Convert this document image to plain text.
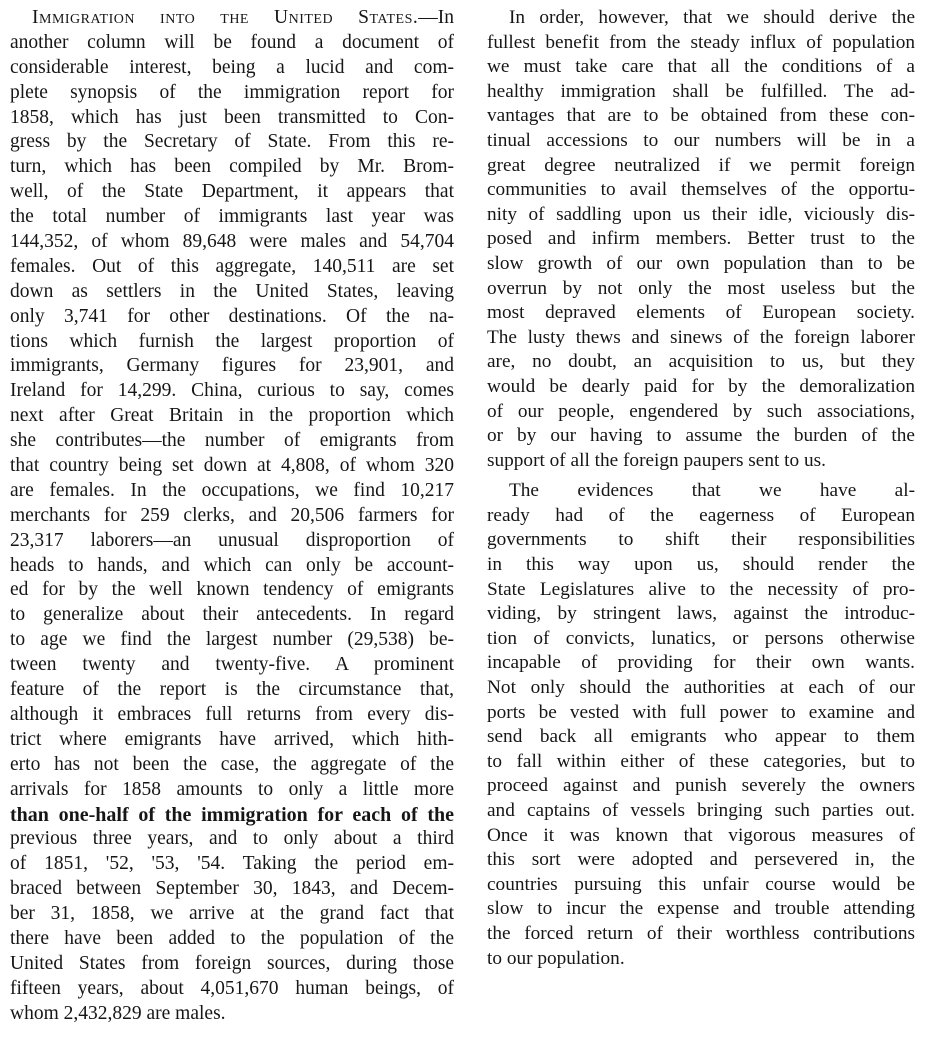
Immigration into the United States.—In
another column will be found a document of
considerable interest, being a lucid and com-
plete synopsis of the immigration report for
1858, which has just been transmitted to Con-
gress by the Secretary of State. From this re-
turn, which has been compiled by Mr. Brom-
well, of the State Department, it appears that
the total number of immigrants last year was
144,352, of whom 89,648 were males and 54,704
females. Out of this aggregate, 140,511 are set
down as settlers in the United States, leaving
only 3,741 for other destinations. Of the na-
tions which furnish the largest proportion of
immigrants, Germany figures for 23,901, and
Ireland for 14,299. China, curious to say, comes
next after Great Britain in the proportion which
she contributes—the number of emigrants from
that country being set down at 4,808, of whom 320
are females. In the occupations, we find 10,217
merchants for 259 clerks, and 20,506 farmers for
23,317 laborers—an unusual disproportion of
heads to hands, and which can only be account-
ed for by the well known tendency of emigrants
to generalize about their antecedents. In regard
to age we find the largest number (29,538) be-
tween twenty and twenty-five. A prominent
feature of the report is the circumstance that,
although it embraces full returns from every dis-
trict where emigrants have arrived, which hith-
erto has not been the case, the aggregate of the
arrivals for 1858 amounts to only a little more
than one-half of the immigration for each of the
previous three years, and to only about a third
of 1851, '52, '53, '54. Taking the period em-
braced between September 30, 1843, and Decem-
ber 31, 1858, we arrive at the grand fact that
there have been added to the population of the
United States from foreign sources, during those
fifteen years, about 4,051,670 human beings, of
whom 2,432,829 are males.
In order, however, that we should derive the
fullest benefit from the steady influx of population
we must take care that all the conditions of a
healthy immigration shall be fulfilled. The ad-
vantages that are to be obtained from these con-
tinual accessions to our numbers will be in a
great degree neutralized if we permit foreign
communities to avail themselves of the opportu-
nity of saddling upon us their idle, viciously dis-
posed and infirm members. Better trust to the
slow growth of our own population than to be
overrun by not only the most useless but the
most depraved elements of European society.
The lusty thews and sinews of the foreign laborer
are, no doubt, an acquisition to us, but they
would be dearly paid for by the demoralization
of our people, engendered by such associations,
or by our having to assume the burden of the
support of all the foreign paupers sent to us.
The evidences that we have al-
ready had of the eagerness of European
governments to shift their responsibilities
in this way upon us, should render the
State Legislatures alive to the necessity of pro-
viding, by stringent laws, against the introduc-
tion of convicts, lunatics, or persons otherwise
incapable of providing for their own wants.
Not only should the authorities at each of our
ports be vested with full power to examine and
send back all emigrants who appear to them
to fall within either of these categories, but to
proceed against and punish severely the owners
and captains of vessels bringing such parties out.
Once it was known that vigorous measures of
this sort were adopted and persevered in, the
countries pursuing this unfair course would be
slow to incur the expense and trouble attending
the forced return of their worthless contributions
to our population.
